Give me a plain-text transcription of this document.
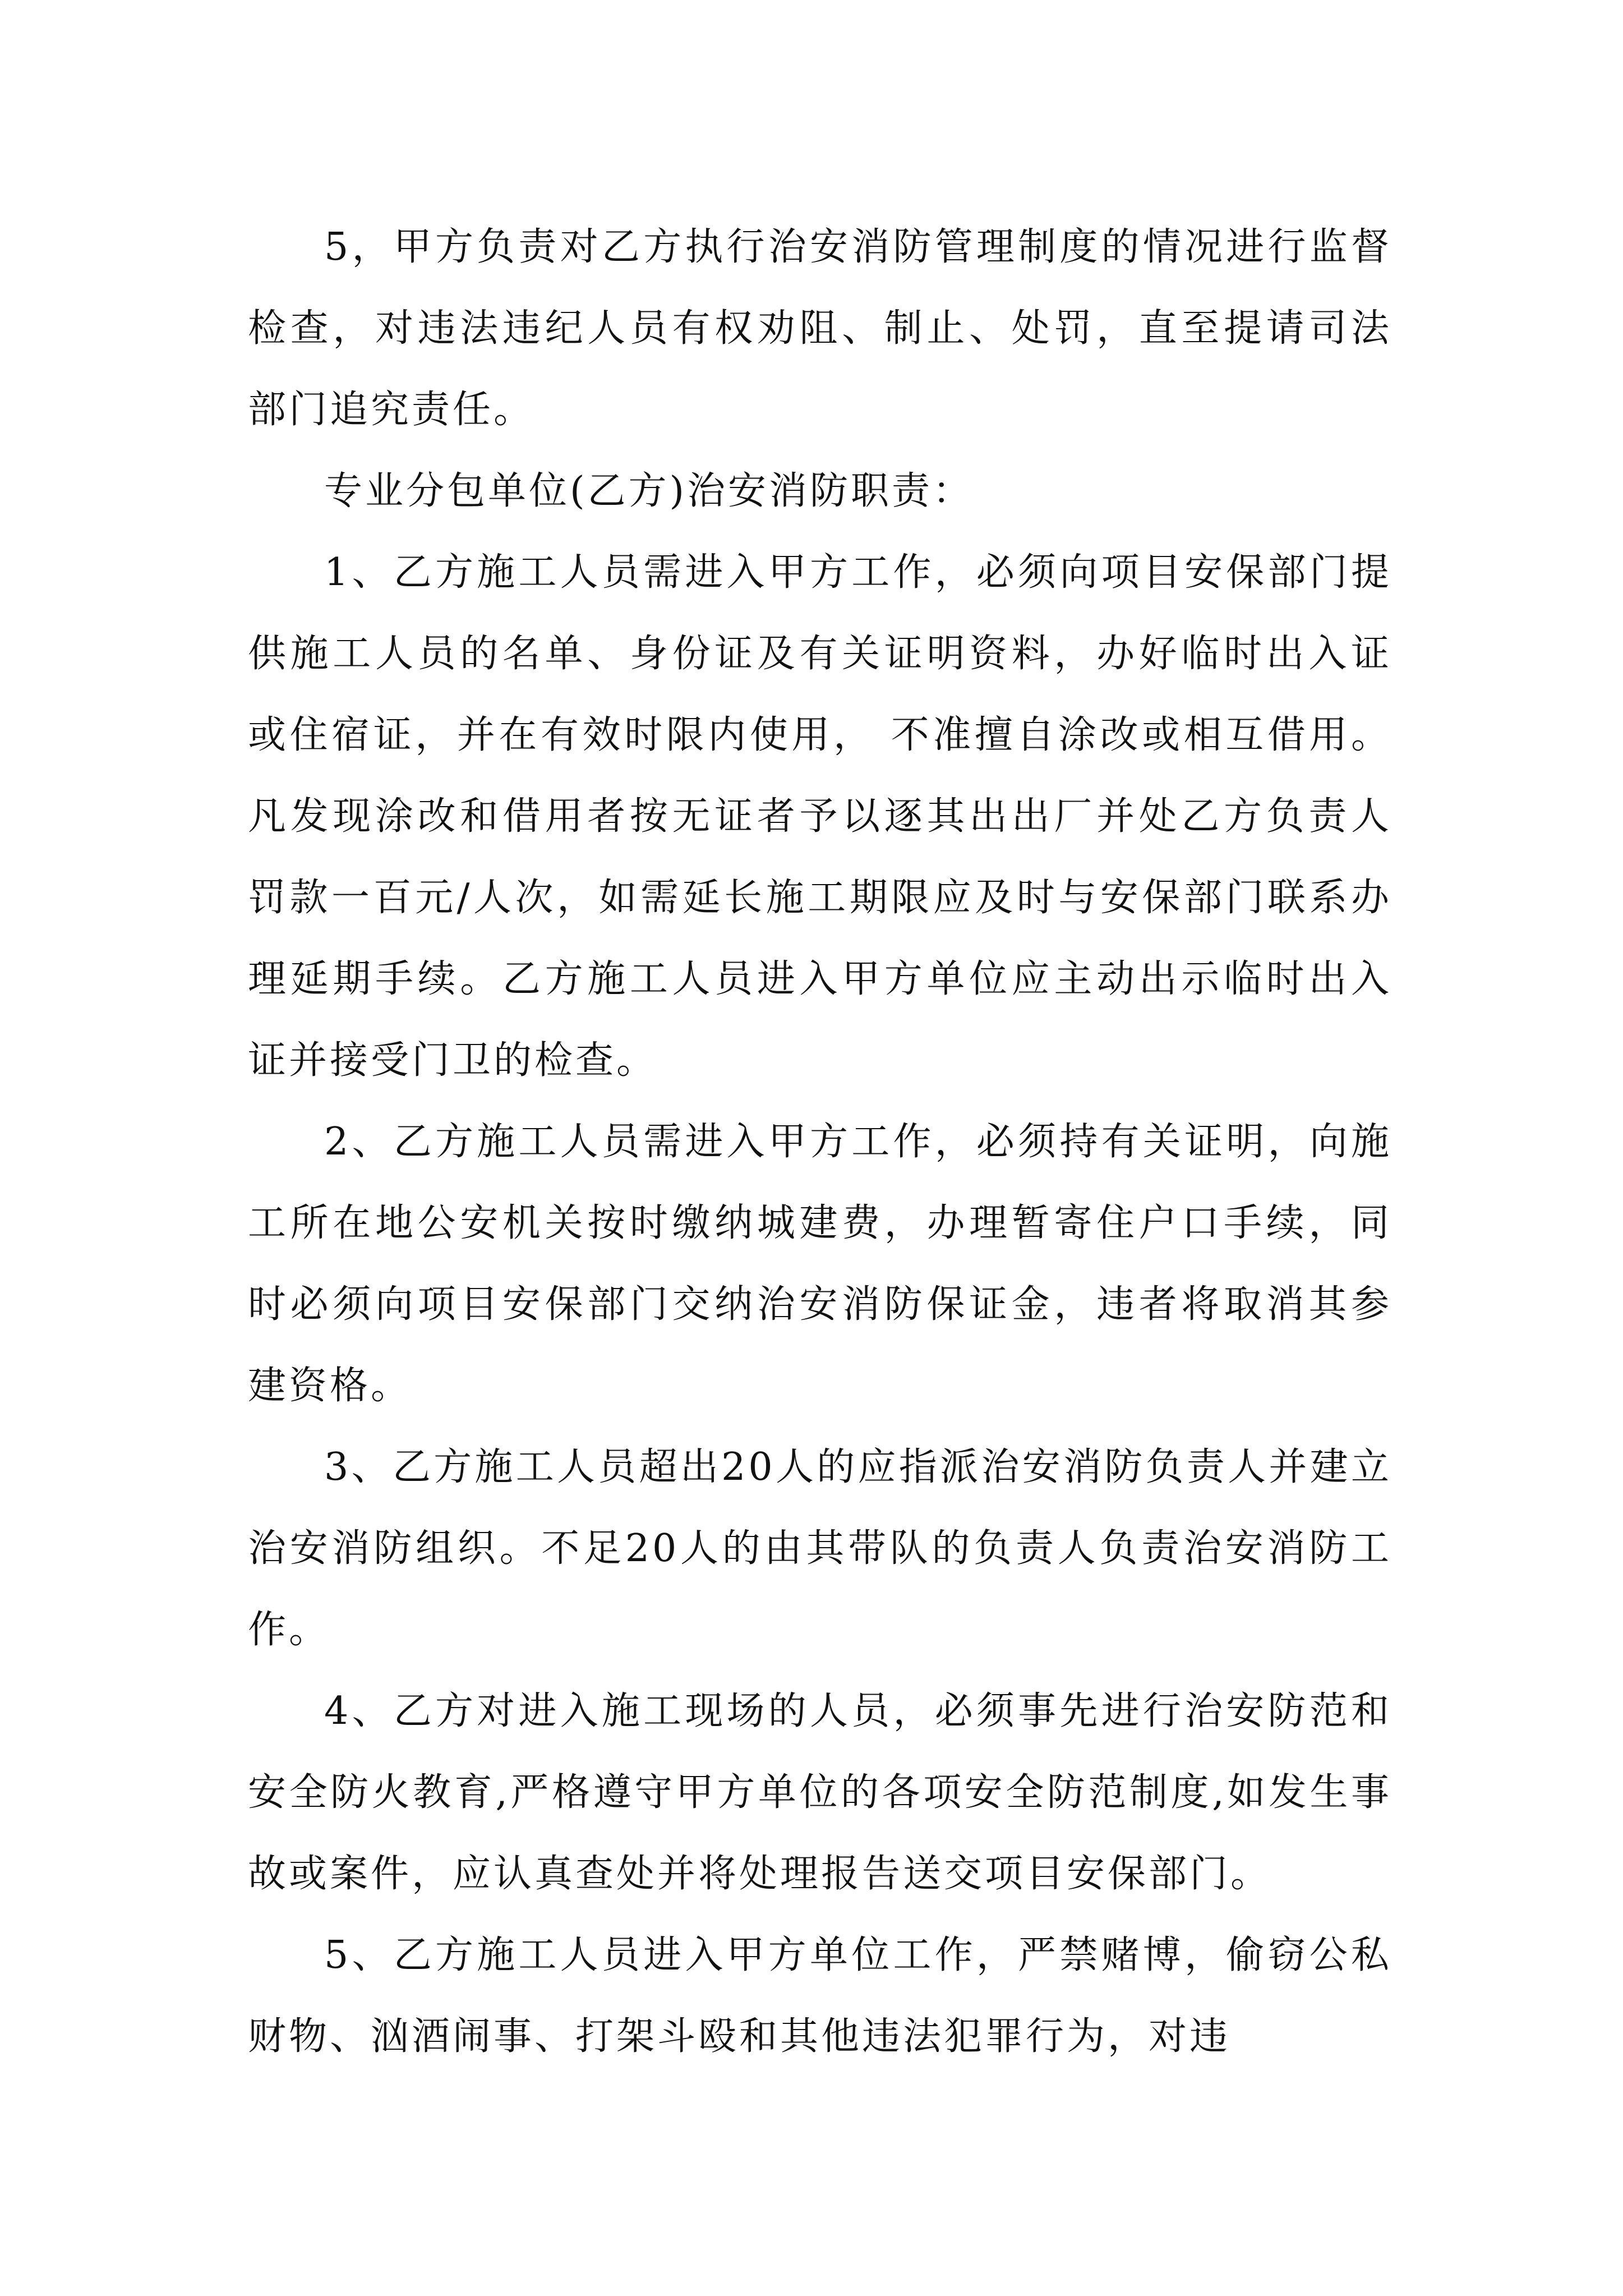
5，甲方负责对乙方执行治安消防管理制度的情况进行监督检查，对违法违纪人员有权劝阻、制止、处罚，直至提请司法部门追究责任。

专业分包单位(乙方)治安消防职责：

1、乙方施工人员需进入甲方工作，必须向项目安保部门提供施工人员的名单、身份证及有关证明资料，办好临时出入证或住宿证，并在有效时限内使用， 不准擅自涂改或相互借用。凡发现涂改和借用者按无证者予以逐其出出厂并处乙方负责人罚款一百元/人次，如需延长施工期限应及时与安保部门联系办理延期手续。乙方施工人员进入甲方单位应主动出示临时出入证并接受门卫的检查。

2、乙方施工人员需进入甲方工作，必须持有关证明，向施工所在地公安机关按时缴纳城建费，办理暂寄住户口手续，同时必须向项目安保部门交纳治安消防保证金，违者将取消其参建资格。

3、乙方施工人员超出20人的应指派治安消防负责人并建立治安消防组织。不足20人的由其带队的负责人负责治安消防工作。

4、乙方对进入施工现场的人员，必须事先进行治安防范和安全防火教育,严格遵守甲方单位的各项安全防范制度,如发生事故或案件，应认真查处并将处理报告送交项目安保部门。

5、乙方施工人员进入甲方单位工作，严禁赌博，偷窃公私财物、汹酒闹事、打架斗殴和其他违法犯罪行为，对违
